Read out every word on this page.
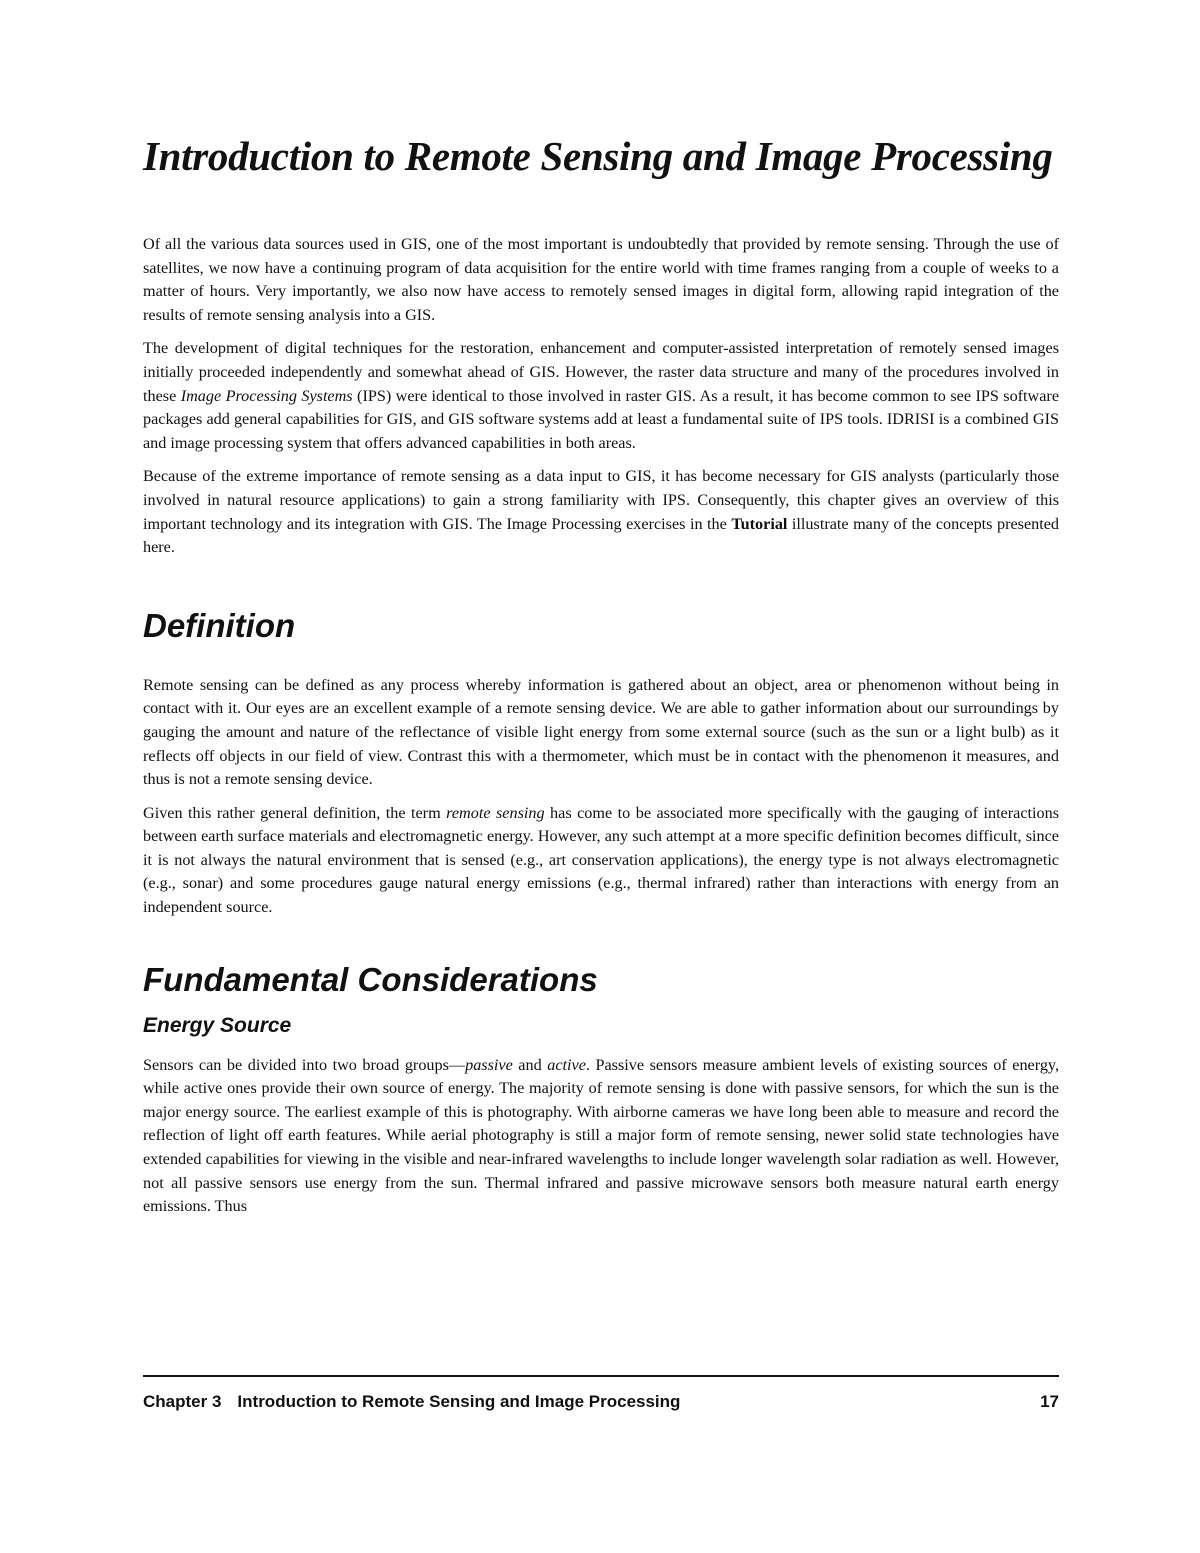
Introduction to Remote Sensing and Image Processing

Of all the various data sources used in GIS, one of the most important is undoubtedly that provided by remote sensing. Through the use of satellites, we now have a continuing program of data acquisition for the entire world with time frames ranging from a couple of weeks to a matter of hours. Very importantly, we also now have access to remotely sensed images in digital form, allowing rapid integration of the results of remote sensing analysis into a GIS.

The development of digital techniques for the restoration, enhancement and computer-assisted interpretation of remotely sensed images initially proceeded independently and somewhat ahead of GIS. However, the raster data structure and many of the procedures involved in these Image Processing Systems (IPS) were identical to those involved in raster GIS. As a result, it has become common to see IPS software packages add general capabilities for GIS, and GIS software systems add at least a fundamental suite of IPS tools. IDRISI is a combined GIS and image processing system that offers advanced capabilities in both areas.

Because of the extreme importance of remote sensing as a data input to GIS, it has become necessary for GIS analysts (particularly those involved in natural resource applications) to gain a strong familiarity with IPS. Consequently, this chapter gives an overview of this important technology and its integration with GIS. The Image Processing exercises in the Tutorial illustrate many of the concepts presented here.

Definition

Remote sensing can be defined as any process whereby information is gathered about an object, area or phenomenon without being in contact with it. Our eyes are an excellent example of a remote sensing device. We are able to gather information about our surroundings by gauging the amount and nature of the reflectance of visible light energy from some external source (such as the sun or a light bulb) as it reflects off objects in our field of view. Contrast this with a thermometer, which must be in contact with the phenomenon it measures, and thus is not a remote sensing device.

Given this rather general definition, the term remote sensing has come to be associated more specifically with the gauging of interactions between earth surface materials and electromagnetic energy. However, any such attempt at a more specific definition becomes difficult, since it is not always the natural environment that is sensed (e.g., art conservation applications), the energy type is not always electromagnetic (e.g., sonar) and some procedures gauge natural energy emissions (e.g., thermal infrared) rather than interactions with energy from an independent source.

Fundamental Considerations
Energy Source

Sensors can be divided into two broad groups—passive and active. Passive sensors measure ambient levels of existing sources of energy, while active ones provide their own source of energy. The majority of remote sensing is done with passive sensors, for which the sun is the major energy source. The earliest example of this is photography. With airborne cameras we have long been able to measure and record the reflection of light off earth features. While aerial photography is still a major form of remote sensing, newer solid state technologies have extended capabilities for viewing in the visible and near-infrared wavelengths to include longer wavelength solar radiation as well. However, not all passive sensors use energy from the sun. Thermal infrared and passive microwave sensors both measure natural earth energy emissions. Thus

Chapter 3 Introduction to Remote Sensing and Image Processing	17
